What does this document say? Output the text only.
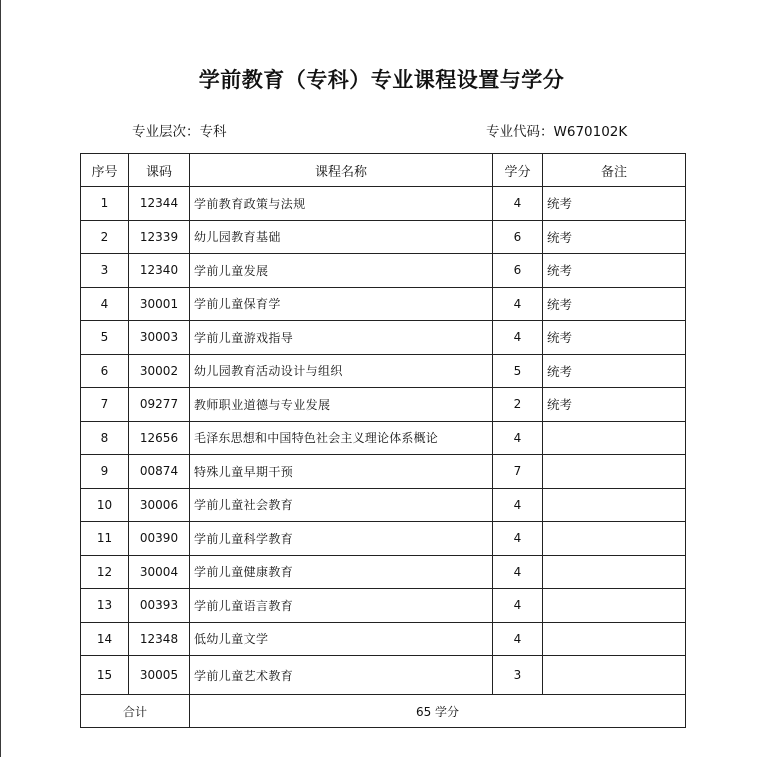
学前教育（专科）专业课程设置与学分
专业层次：专科	专业代码：W670102K
序号	课码	课程名称	学分	备注
1	12344	学前教育政策与法规	4	统考
2	12339	幼儿园教育基础	6	统考
3	12340	学前儿童发展	6	统考
4	30001	学前儿童保育学	4	统考
5	30003	学前儿童游戏指导	4	统考
6	30002	幼儿园教育活动设计与组织	5	统考
7	09277	教师职业道德与专业发展	2	统考
8	12656	毛泽东思想和中国特色社会主义理论体系概论	4	
9	00874	特殊儿童早期干预	7	
10	30006	学前儿童社会教育	4	
11	00390	学前儿童科学教育	4	
12	30004	学前儿童健康教育	4	
13	00393	学前儿童语言教育	4	
14	12348	低幼儿童文学	4	
15	30005	学前儿童艺术教育	3	
合计		65 学分		
